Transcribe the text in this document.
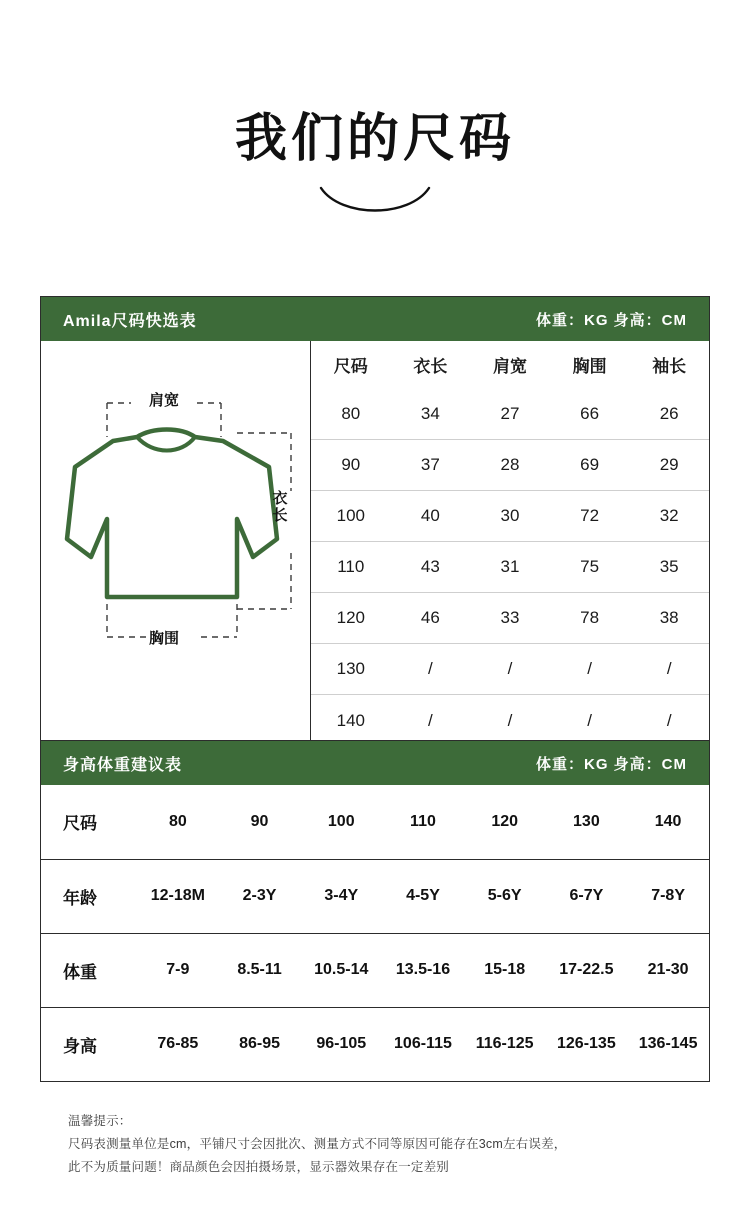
我们的尺码
Amila尺码快选表	体重：KG 身高：CM
肩宽
衣长
胸围
尺码	衣长	肩宽	胸围	袖长
80	34	27	66	26
90	37	28	69	29
100	40	30	72	32
110	43	31	75	35
120	46	33	78	38
130	/	/	/	/
140	/	/	/	/
身高体重建议表	体重：KG 身高：CM
尺码	80	90	100	110	120	130	140
年龄	12-18M	2-3Y	3-4Y	4-5Y	5-6Y	6-7Y	7-8Y
体重	7-9	8.5-11	10.5-14	13.5-16	15-18	17-22.5	21-30
身高	76-85	86-95	96-105	106-115	116-125	126-135	136-145
温馨提示：
尺码表测量单位是cm，平铺尺寸会因批次、测量方式不同等原因可能存在3cm左右误差，
此不为质量问题！商品颜色会因拍摄场景，显示器效果存在一定差别
